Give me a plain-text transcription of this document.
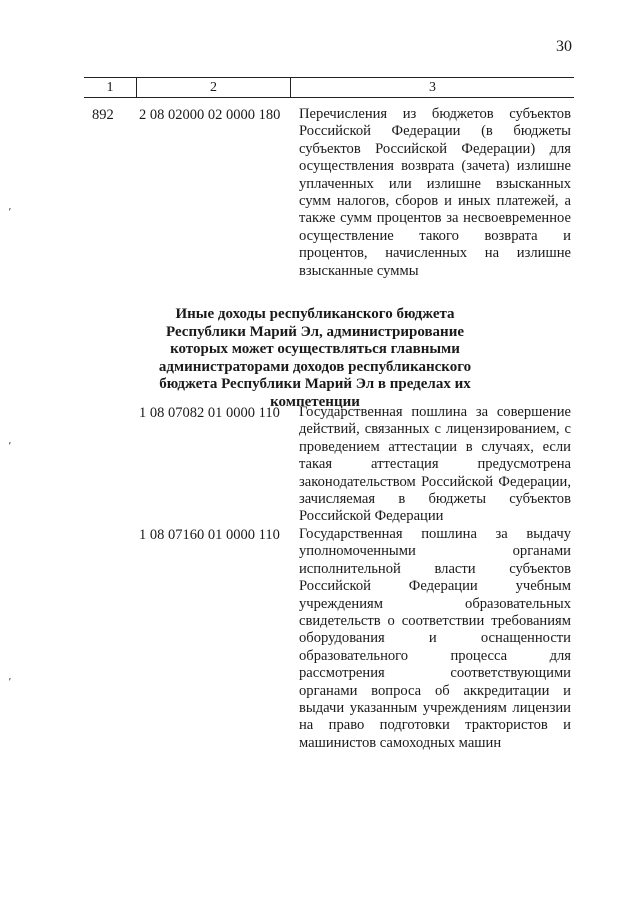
30
1	2	3
892 2 08 02000 02 0000 180 Перечисления из бюджетов субъектов Российской Федерации (в бюджеты субъектов Российской Федерации) для осуществления возврата (зачета) излишне уплаченных или излишне взысканных сумм налогов, сборов и иных платежей, а также сумм процентов за несвоевременное осуществление такого возврата и процентов, начисленных на излишне взысканные суммы
Иные доходы республиканского бюджета Республики Марий Эл, администрирование которых может осуществляться главными администраторами доходов республиканского бюджета Республики Марий Эл в пределах их компетенции
1 08 07082 01 0000 110 Государственная пошлина за совершение действий, связанных с лицензированием, с проведением аттестации в случаях, если такая аттестация предусмотрена законодательством Российской Федерации, зачисляемая в бюджеты субъектов Российской Федерации
1 08 07160 01 0000 110 Государственная пошлина за выдачу уполномоченными органами исполнительной власти субъектов Российской Федерации учебным учреждениям образовательных свидетельств о соответствии требованиям оборудования и оснащенности образовательного процесса для рассмотрения соответствующими органами вопроса об аккредитации и выдачи указанным учреждениям лицензии на право подготовки трактористов и машинистов самоходных машин
’
’
’
